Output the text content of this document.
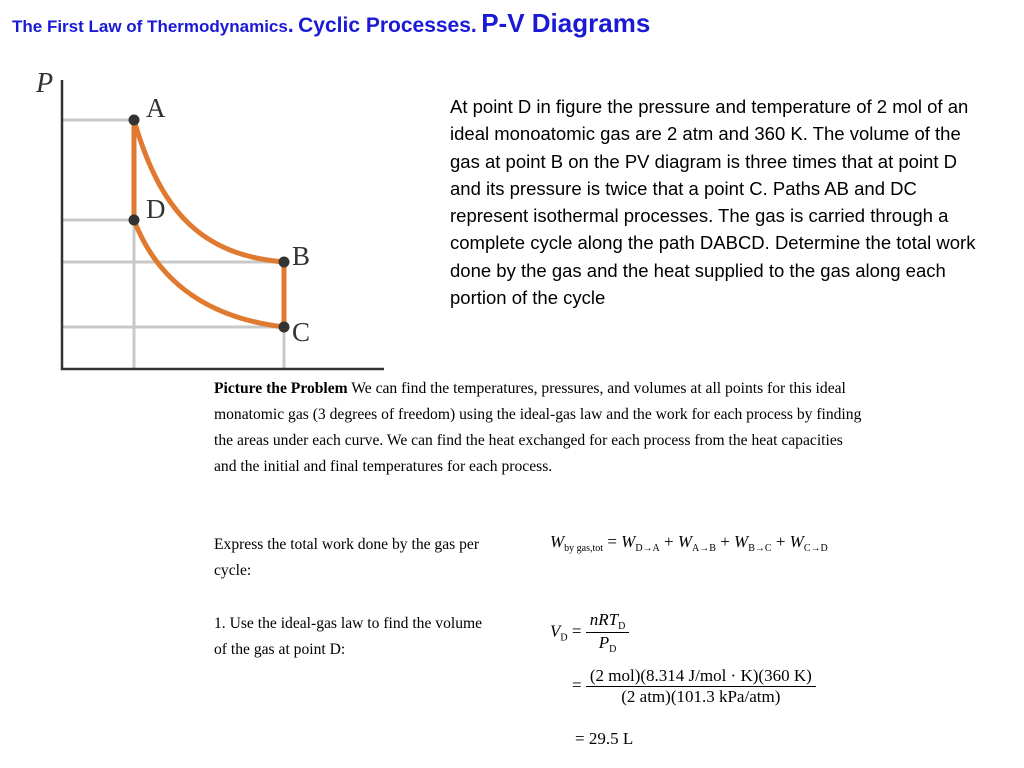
The First Law of Thermodynamics. Cyclic Processes. P-V Diagrams
P
A
D
B
C
At point D in figure the pressure and temperature of 2 mol of an ideal monoatomic gas are 2 atm and 360 K. The volume of the gas at point B on the PV diagram is three times that at point D and its pressure is twice that a point C. Paths AB and DC represent isothermal processes. The gas is carried through a complete cycle along the path DABCD. Determine the total work done by the gas and the heat supplied to the gas along each portion of the cycle
Picture the Problem We can find the temperatures, pressures, and volumes at all points for this ideal monatomic gas (3 degrees of freedom) using the ideal-gas law and the work for each process by finding the areas under each curve. We can find the heat exchanged for each process from the heat capacities and the initial and final temperatures for each process.
Express the total work done by the gas per cycle:
$W_{by gas,tot} = W_{D\to A} + W_{A\to B} + W_{B\to C} + W_{C\to D}$
1. Use the ideal-gas law to find the volume of the gas at point D:
$V_D = \frac{nRT_D}{P_D}$
= $\frac{\text{(2 mol)(8.314 J/mol · K)(360 K)}}{\text{(2 atm)(101.3 kPa/atm)}}$
= 29.5 L
